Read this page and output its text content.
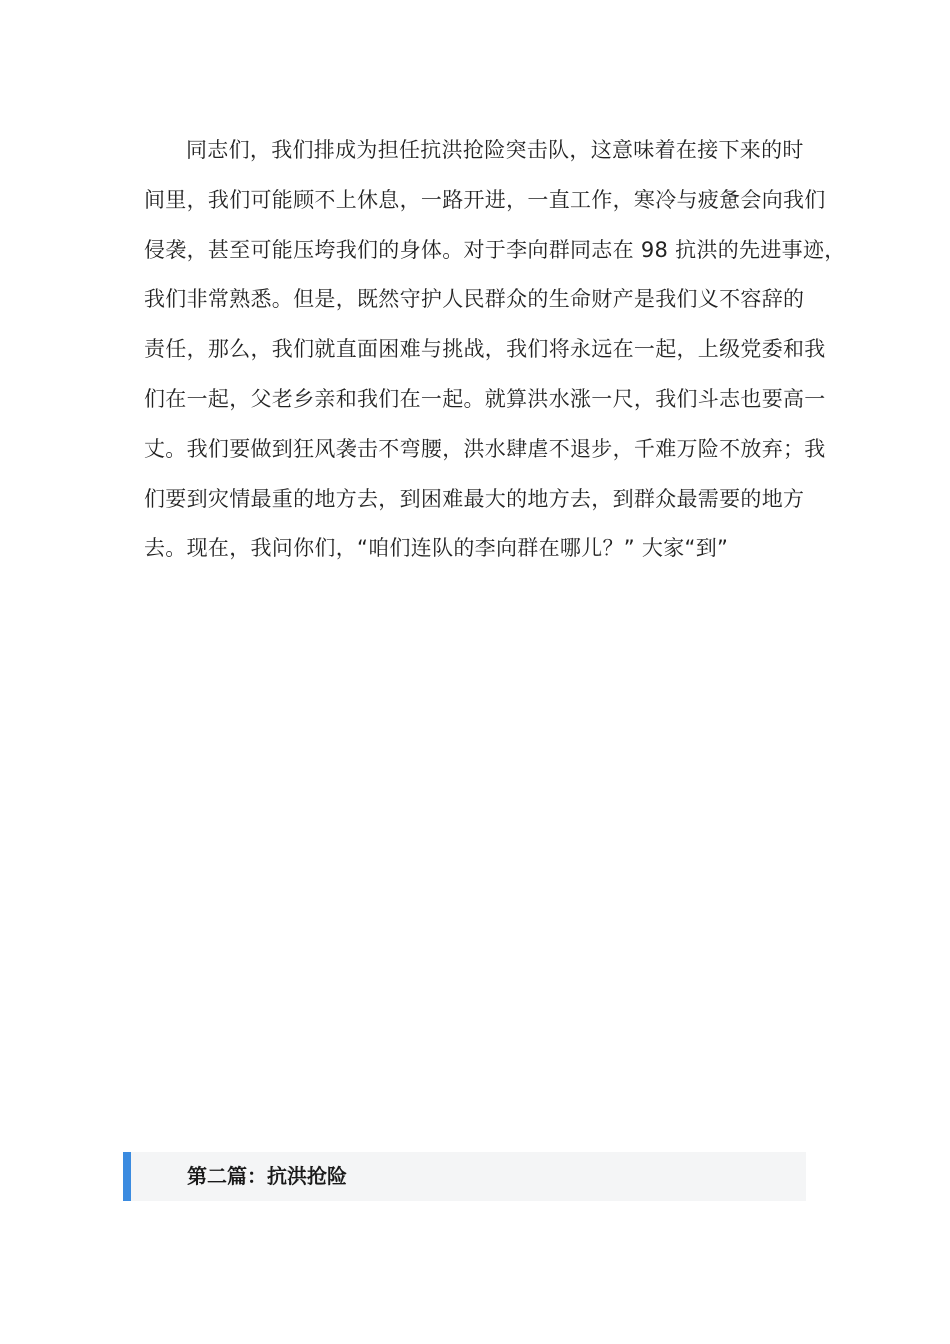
同志们，我们排成为担任抗洪抢险突击队，这意味着在接下来的时
间里，我们可能顾不上休息，一路开进，一直工作，寒冷与疲惫会向我们
侵袭，甚至可能压垮我们的身体。对于李向群同志在 98 抗洪的先进事迹，
我们非常熟悉。但是，既然守护人民群众的生命财产是我们义不容辞的
责任，那么，我们就直面困难与挑战，我们将永远在一起，上级党委和我
们在一起，父老乡亲和我们在一起。就算洪水涨一尺，我们斗志也要高一
丈。我们要做到狂风袭击不弯腰，洪水肆虐不退步，千难万险不放弃；我
们要到灾情最重的地方去，到困难最大的地方去，到群众最需要的地方
去。现在，我问你们，“咱们连队的李向群在哪儿？” 大家“到”
第二篇：抗洪抢险
